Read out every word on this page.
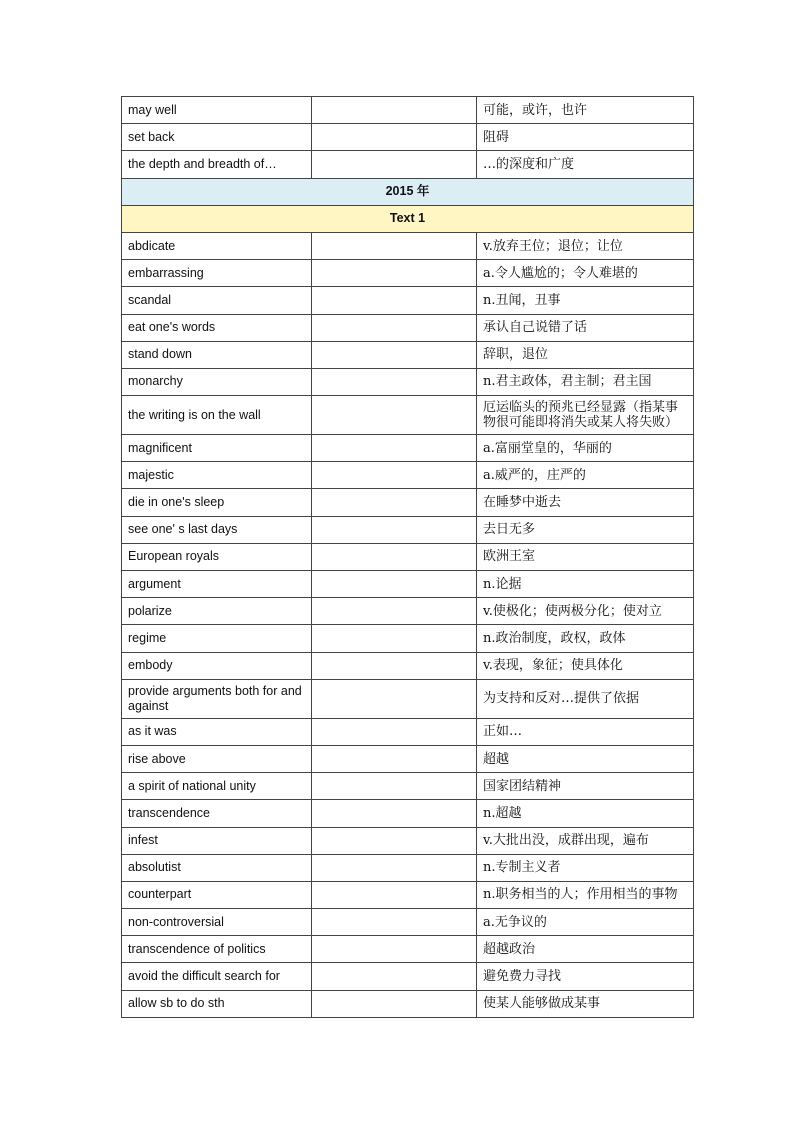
may well		可能，或许，也许
set back		阻碍
the depth and breadth of…		…的深度和广度
2015 年		
Text 1		
abdicate		v.放弃王位；退位；让位
embarrassing		a.令人尴尬的；令人难堪的
scandal		n.丑闻，丑事
eat one's words		承认自己说错了话
stand down		辞职，退位
monarchy		n.君主政体，君主制；君主国
the writing is on the wall		厄运临头的预兆已经显露（指某事物很可能即将消失或某人将失败）
magnificent		a.富丽堂皇的，华丽的
majestic		a.威严的，庄严的
die in one's sleep		在睡梦中逝去
see one' s last days		去日无多
European royals		欧洲王室
argument		n.论据
polarize		v.使极化；使两极分化；使对立
regime		n.政治制度，政权，政体
embody		v.表现，象征；使具体化
provide arguments both for and against		为支持和反对…提供了依据
as it was		正如…
rise above		超越
a spirit of national unity		国家团结精神
transcendence		n.超越
infest		v.大批出没，成群出现，遍布
absolutist		n.专制主义者
counterpart		n.职务相当的人；作用相当的事物
non-controversial		a.无争议的
transcendence of politics		超越政治
avoid the difficult search for		避免费力寻找
allow sb to do sth		使某人能够做成某事
